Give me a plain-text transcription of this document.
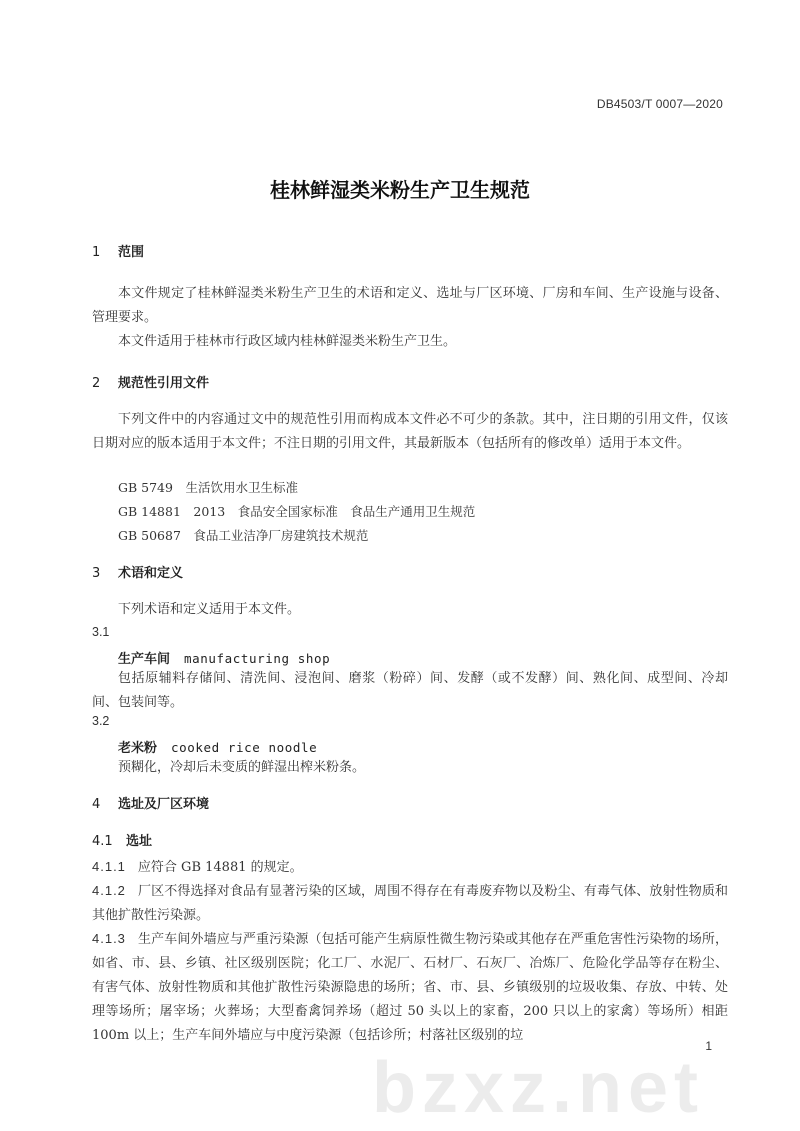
DB4503/T 0007—2020
桂林鲜湿类米粉生产卫生规范
1 范围
本文件规定了桂林鲜湿类米粉生产卫生的术语和定义、选址与厂区环境、厂房和车间、生产设施与设备、管理要求。
本文件适用于桂林市行政区域内桂林鲜湿类米粉生产卫生。
2 规范性引用文件
下列文件中的内容通过文中的规范性引用而构成本文件必不可少的条款。其中，注日期的引用文件，仅该日期对应的版本适用于本文件；不注日期的引用文件，其最新版本（包括所有的修改单）适用于本文件。
GB 5749　生活饮用水卫生标准
GB 14881　2013　食品安全国家标准　食品生产通用卫生规范
GB 50687　食品工业洁净厂房建筑技术规范
3 术语和定义
下列术语和定义适用于本文件。
3.1
生产车间 manufacturing shop
包括原辅料存储间、清洗间、浸泡间、磨浆（粉碎）间、发酵（或不发酵）间、熟化间、成型间、冷却间、包装间等。
3.2
老米粉 cooked rice noodle
预糊化，冷却后未变质的鲜湿出榨米粉条。
4 选址及厂区环境
4.1 选址
4.1.1 应符合 GB 14881 的规定。
4.1.2 厂区不得选择对食品有显著污染的区域，周围不得存在有毒废弃物以及粉尘、有毒气体、放射性物质和其他扩散性污染源。
4.1.3 生产车间外墙应与严重污染源（包括可能产生病原性微生物污染或其他存在严重危害性污染物的场所，如省、市、县、乡镇、社区级别医院；化工厂、水泥厂、石材厂、石灰厂、冶炼厂、危险化学品等存在粉尘、有害气体、放射性物质和其他扩散性污染源隐患的场所；省、市、县、乡镇级别的垃圾收集、存放、中转、处理等场所；屠宰场；火葬场；大型畜禽饲养场（超过 50 头以上的家畜，200 只以上的家禽）等场所）相距 100m 以上；生产车间外墙应与中度污染源（包括诊所；村落社区级别的垃
1
bzxz.net
